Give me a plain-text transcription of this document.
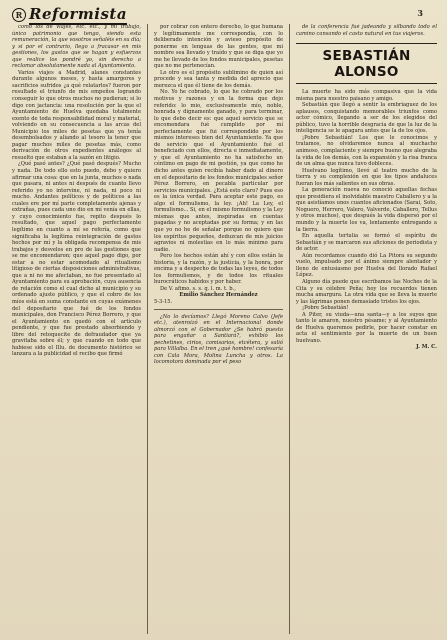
R Reformista	3

como los de viajes, etc. etc., y mi trabajo, único patrimonio que tengo, siendo esta remuneración, la que vosotros señaléis en su día; y si por el contrario, llego a fracasar en mis gestiones, los gastos que se hagan y esfuerzos que realice los pondré yo, sin derecho a reclamar absolutamente nada al Ayuntamiento.

Varios viajes a Madrid, alanes constantes durante algunos meses, y hasta amargores y sacrificios sufridos ¿a qué relatarlos? fueron por resultado el triunfo de mis empeños logrando conseguir lo que otros muchos no pudieran; si lo digo con jactancia: una resolución por la que el Ayuntamiento de Huelva quedaba totalmente exento de toda responsabilidad moral y material, volviendo en su consecuencia a las arcas del Municipio los miles de pesetas que ya tenía desembolsados y aliando al tesoro la tener que pagar muchos miles de pesetas más, como derivación de otros expedientes análogos al resuelto que estaban a la sazón en litigio.

¿Qué pasó antes? ¿Qué pasó después? Mucho y nada. De todo ello esto puedo, debo y quiero afirmar una cosa: que en la junta, muchos o nada que pasara, ni antes ni después de cuanto llevo referido yo no intervine, ni nada, ni poco ni mucho. Andantes políticos y de políticos a las cuales ere por mí parte completamente ajenas y extrañas, pues cada uno dio en mí venía en ellas, y cuyo conocimiento fue, repito después lo resultado, que aquel pago perfectamente legítimo en cuanto a mí se refería, como que significaba la legítima reintegración de gastos hechos por mí y la obligada recompensa de mis trabajos y desvelos en pro de las gestiones que se me encomendaron; que aquel pago digo, por estar a no estar acomodado al ritualismo litigioso de ciertas disposiciones administrativas, que a ni no me afectaban, no fue presentado al Ayuntamiento para su aprobación, cuya ausencia de relación como el cual dicho al municipio y su ordenado ajuste público, y que el cobro de los míos está en suma constante en cuyas exámenes del depositario que fué de los fondos municipales, don Francisco Pérez Borrero, y que el Ayuntamiento en quedó con el artículo pendiente, y que fue prestado absorbiendo y libre del retoquecite de defraudador que ya gravitaba sobre él; y que cuando en todo que habiese sido el Illu. de documento histórico se lanzara a la publicidad el recibo que firmó

por cobrar con entero derecho, lo que humana y legítimamente me correspondía, con lo deliberado intención y avieso propósito de ponerme en lenguas de las gentes, que mi nombre sea llevado y traído y que se diga que yo me he llevado de los fondos municipales, pesetas que no me pertenecían.

Lo otro es el propósito sublimino de quien así procede y sea tanta y medida del aprecio que merezca el que él tiene de los demás.

No. Yo he cobrado, lo que he cobrado por los motivos y razones y en la forma que dejo referido: lo mio, exclusivamente mío, noble, honrada y dignamente ganado, y para terminar, lo que debo decir es: que aquel servicio que se encomendara fué cumplido por mí perfectamente que fui correspondido por los mismos intereses bien del Ayuntamiento. Ya que de servicio que el Ayuntamiento fué el beneficiado con ellos, directa e inmediatamente, y que el Ayuntamiento no ha satisfecho un céntimo en pago de mi gestión, ya que como he dicho antes quien recibía haber dado al dinero en el depositario de los fondos municipales señor Pérez Borrero, en pecabla particular por servicios municipales. ¿Está esto claro? Pues eso es la única verdad. Para aceptar este pago, es algo el formulismo, la ley. ¡Ah! La Ley, el formulismo... Si, en el mismo formulismo y la Ley mismas que antes, inspiradas en cuentas pagadas y no aceptadas por su forma; y en las que yo no he de señalar porque no quiero que los espíritus pequeños, deduzcan de mis juicios agravios ni molestias en lo más mínimo para nadie.

Pero los hechos están ahí y con ellos están la historia, y la razón, y la justicia, y la honra, por encima y a despecho de todas las leyes, de todos los formulismos, y de todos los rituales burocráticos habidos y por haber.

De V. afimo. s. s. q. l. m. t. b.,

Emilio Sánchez Hernández

5-3-15.

¿No lo decíamos? Llegó Moreno Calvo (Jefe etc.), atenroizó en el Internacional donde almorzó con el Gobernador ¿Se habrá puesto para engañar a Santiará?, exhibió los pechetines, cirios, comisarios, etcétera, y salió para Villalba. En el tren ¿qué hombre! confesaría con Cala Mora, Molina Luncha y otros. La locomotora dominada por el peso

de la conferencia fué jadeando y silbando todo el camino cansando el casto natural en tus viajeros.

SEBASTIÁN ALONSO

La muerte ha sido más compasiva que la vida misma para nuestro paisano y amigo.

Sebastián que llegó a sentir la embriaguez de los aplausos, conquistando memorables triunfos como actor cómico, llegando a ser de los elegidos del público, tuvo la horrible desgracia de que la luz de la inteligencia se le apagara antes que la de los ojos.

¡Pobre Sebastián! Los que le conocimos y tratamos, no olvidaremos nunca al muchacho animoso, complaciente y siempre bueno que alegraba la vida de los demás, con la expansión y la risa franca de un alma que nunca tuvo dobleces.

Huelvano legítimo, llevó al teatro mucho de la tierra y su complexión en que los tipos andaluces fueran los más salientes en sus obras.

La generación nueva no conoció aquellas fechas que presidiera el inolvidable maestro Caballero y a la que asistíamos unos cuantos aficionados (Sarai, Soto, Noguero, Herrero, Valero, Valverde, Caballero, Tellus y otros muchos), que después la vida dispersó por el mundo y la muerte los va, lentamente entregando a la tierra.

En aquella tertulia se formó el espíritu de Sebastián y se marcaron sus aficiones de periodista y de actor.

Aún recordamos cuando dió La Pitora su segundo vuelo, impulsado por el ánimo siempre alentador y lleno de entusiasmo por Huelva del llorado Rafael López.

Alguno día puede que escribamos las Noches de la Cita y su célebre Peña; hoy los recuerdos tienen mucha amargura. La otra vida que se lleva la muerte y las lágrimas ponen demasiado tristes los ojos.

¡Pobre Sebastián!

A Piter, su viuda—una santa—y a los suyos que tanto le amaron, nuestro pésame; y al Ayuntamiento de Huelva queremos pedirle, por hacer constar en acta el sentimiento por la muerte de un buen huelvano.

J. M. C.
